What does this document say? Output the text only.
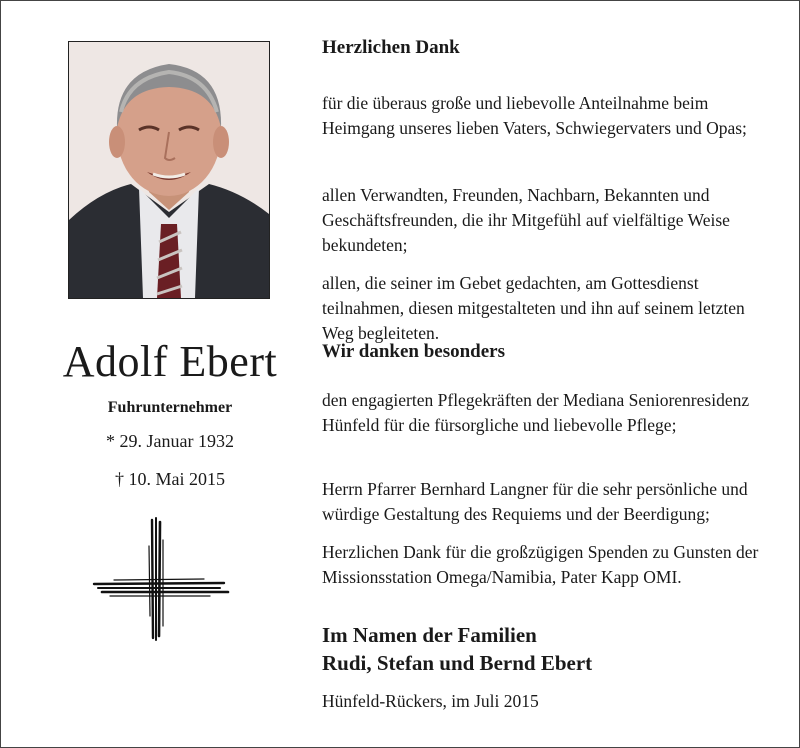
Adolf Ebert
Fuhrunternehmer
* 29. Januar 1932
† 10. Mai 2015
Herzlichen Dank

für die überaus große und liebevolle Anteilnahme beim Heimgang unseres lieben Vaters, Schwiegervaters und Opas;

allen Verwandten, Freunden, Nachbarn, Bekannten und Geschäftsfreunden, die ihr Mitgefühl auf vielfältige Weise bekundeten;

allen, die seiner im Gebet gedachten, am Gottesdienst teilnahmen, diesen mitgestalteten und ihn auf seinem letzten Weg begleiteten.

Wir danken besonders

den engagierten Pflegekräften der Mediana Seniorenresidenz Hünfeld für die fürsorgliche und liebevolle Pflege;

Herrn Pfarrer Bernhard Langner für die sehr persönliche und würdige Gestaltung des Requiems und der Beerdigung;

Herzlichen Dank für die großzügigen Spenden zu Gunsten der Missionsstation Omega/Namibia, Pater Kapp OMI.

Im Namen der Familien
Rudi, Stefan und Bernd Ebert
Hünfeld-Rückers, im Juli 2015
